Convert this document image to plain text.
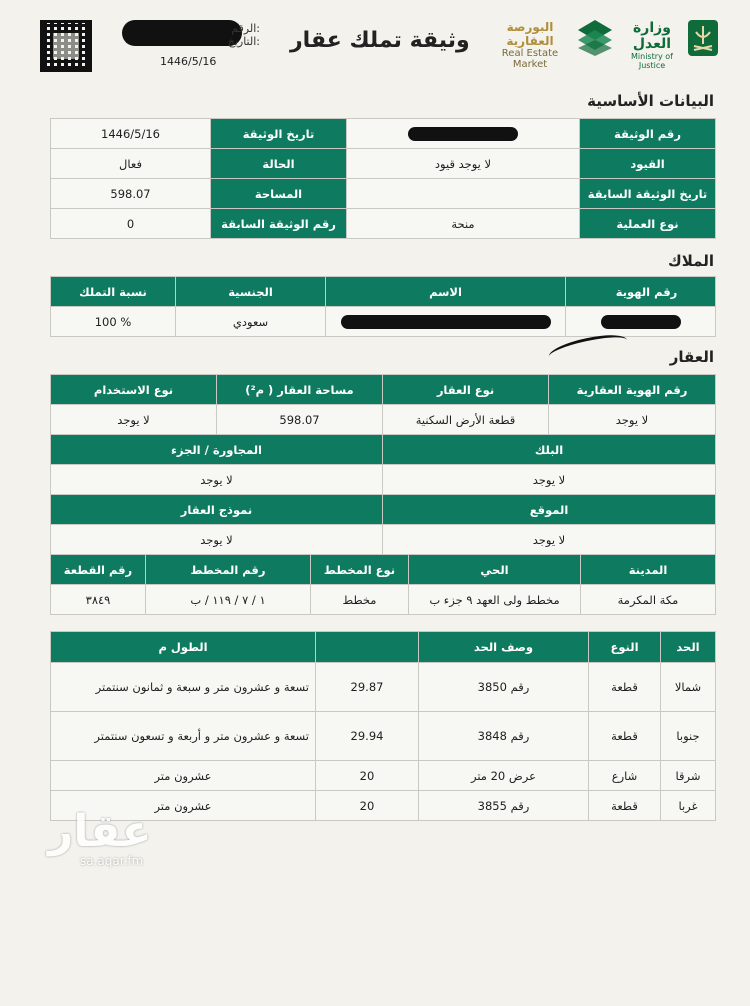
الرقم:
التاريخ:
1446/5/16
وثيقة تملك عقار
البورصة العقارية
Real Estate Market
وزارة العدل
Ministry of Justice
البيانات الأساسية
1446/5/16	تاريخ الوثيقة		رقم الوثيقة
فعال	الحالة	لا يوجد قيود	القيود
598.07	المساحة		تاريخ الوثيقة السابقة
0	رقم الوثيقة السابقة	منحة	نوع العملية
الملاك
نسبة التملك	الجنسية	الاسم	رقم الهوية
100 %	سعودي		
العقار
نوع الاستخدام	مساحة العقار ( م²)	نوع العقار	رقم الهوية العقارية
لا يوجد	598.07	قطعة الأرض السكنية	لا يوجد
المجاورة / الجزء		البلك	
لا يوجد		لا يوجد	
نموذج العقار		الموقع	
لا يوجد		لا يوجد	
رقم القطعة	رقم المخطط	نوع المخطط	الحي	المدينة
٣٨٤٩	١ / ٧ / ١١٩ / ب	مخطط	مخطط ولى العهد ٩ جزء ب	مكة المكرمة
الطول م		وصف الحد	النوع	الحد
تسعة و عشرون متر و سبعة و ثمانون سنتمتر	29.87	رقم 3850	قطعة	شمالا
تسعة و عشرون متر و أربعة و تسعون سنتمتر	29.94	رقم 3848	قطعة	جنوبا
عشرون متر	20	عرض 20 متر	شارع	شرقا
عشرون متر	20	رقم 3855	قطعة	غربا
عقار
sa.aqar.fm
